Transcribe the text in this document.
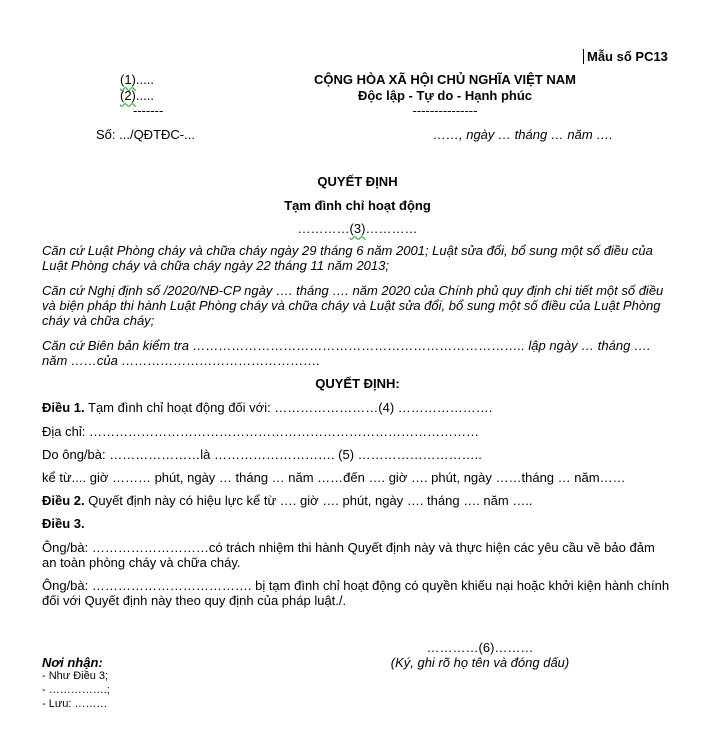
Mẫu số PC13
(1).....
(2).....
-------
Số: .../QĐTĐC-...
CỘNG HÒA XÃ HỘI CHỦ NGHĨA VIỆT NAM
Độc lập - Tự do - Hạnh phúc
---------------
……, ngày … tháng … năm ….
QUYẾT ĐỊNH
Tạm đình chỉ hoạt động
…………(3)…………
Căn cứ Luật Phòng cháy và chữa cháy ngày 29 tháng 6 năm 2001; Luật sửa đổi, bổ sung một số điều của Luật Phòng cháy và chữa cháy ngày 22 tháng 11 năm 2013;
Căn cứ Nghị định số /2020/NĐ-CP ngày …. tháng …. năm 2020 của Chính phủ quy định chi tiết một số điều và biện pháp thi hành Luật Phòng cháy và chữa cháy và Luật sửa đổi, bổ sung một số điều của Luật Phòng cháy và chữa cháy;
Căn cứ Biên bản kiểm tra ………………………………………………………………….. lập ngày … tháng …. năm ……của ……………………………………….
QUYẾT ĐỊNH:
Điều 1. Tạm đình chỉ hoạt động đối với: ……………………(4) ………………….
Địa chỉ: ………………………………………………………………………………
Do ông/bà: …………………là ………………………. (5) ………………………..
kể từ.... giờ ……… phút, ngày … tháng … năm ……đến …. giờ …. phút, ngày ……tháng … năm……
Điều 2. Quyết định này có hiệu lực kể từ …. giờ …. phút, ngày …. tháng …. năm …..
Điều 3.
Ông/bà: ………………………có trách nhiệm thi hành Quyết định này và thực hiện các yêu cầu về bảo đảm an toàn phòng cháy và chữa cháy.
Ông/bà: ………………………………. bị tạm đình chỉ hoạt động có quyền khiếu nại hoặc khởi kiện hành chính đối với Quyết định này theo quy định của pháp luật./.
…………(6)………
(Ký, ghi rõ họ tên và đóng dấu)
Nơi nhận:
- Như Điều 3;
- …………….;
- Lưu: ………
